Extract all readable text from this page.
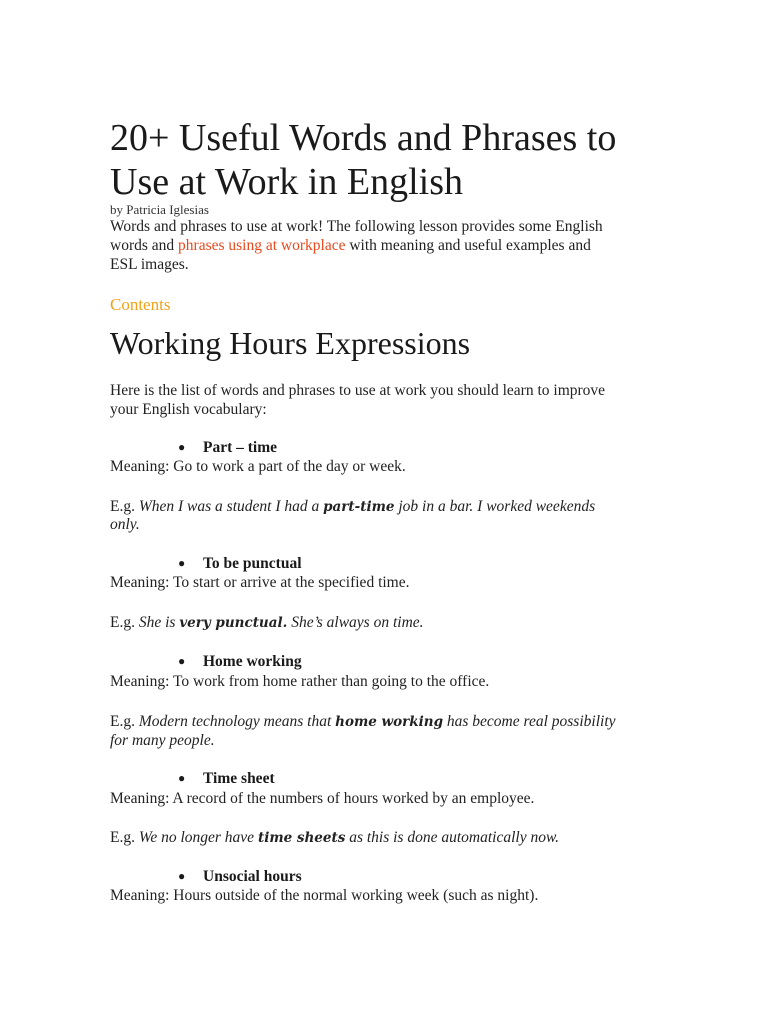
20+ Useful Words and Phrases to
Use at Work in English
by Patricia Iglesias
Words and phrases to use at work! The following lesson provides some English
words and phrases using at workplace with meaning and useful examples and
ESL images.
Contents
Working Hours Expressions
Here is the list of words and phrases to use at work you should learn to improve
your English vocabulary:
● Part – time
Meaning: Go to work a part of the day or week.
E.g. When I was a student I had a part-time job in a bar. I worked weekends
only.
● To be punctual
Meaning: To start or arrive at the specified time.
E.g. She is very punctual. She’s always on time.
● Home working
Meaning: To work from home rather than going to the office.
E.g. Modern technology means that home working has become real possibility
for many people.
● Time sheet
Meaning: A record of the numbers of hours worked by an employee.
E.g. We no longer have time sheets as this is done automatically now.
● Unsocial hours
Meaning: Hours outside of the normal working week (such as night).
